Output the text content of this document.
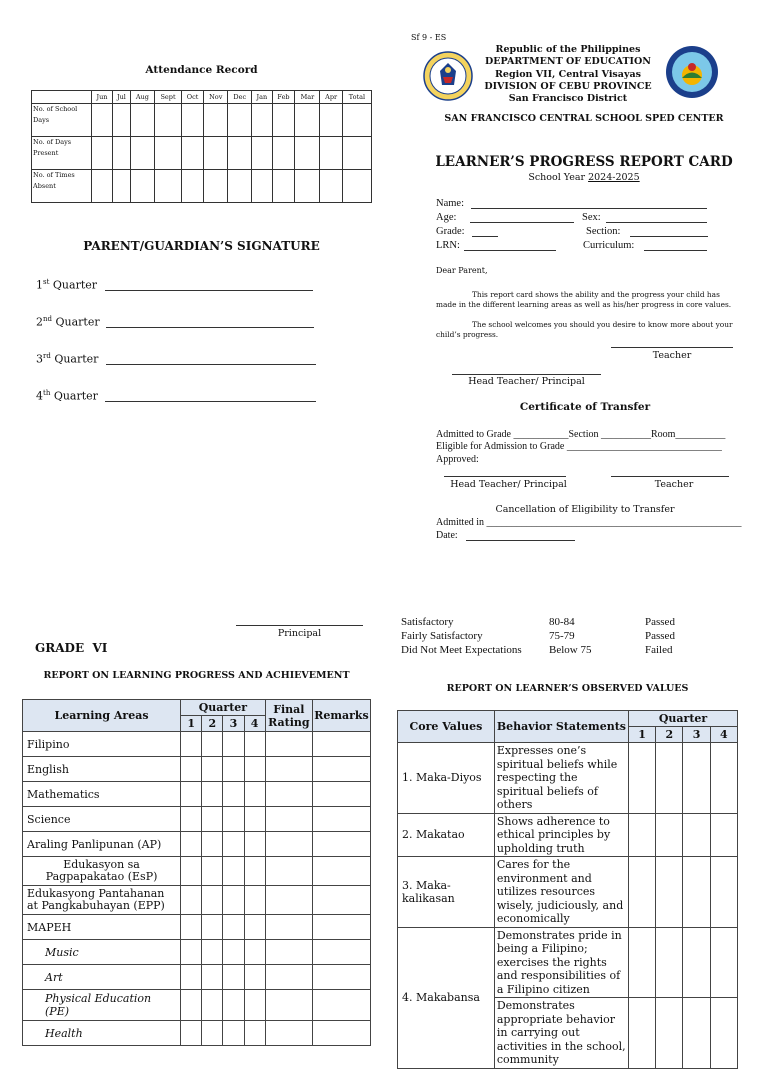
Attendance Record
	Jun	Jul	Aug	Sept	Oct	Nov	Dec	Jan	Feb	Mar	Apr	Total
No. of School Days												
No. of Days Present												
No. of Times Absent												
PARENT/GUARDIAN’S SIGNATURE
1st Quarter
2nd Quarter
3rd Quarter
4th Quarter
Sf 9 - ES
Republic of the Philippines
DEPARTMENT OF EDUCATION
Region VII, Central Visayas
DIVISION OF CEBU PROVINCE
San Francisco District
SAN FRANCISCO CENTRAL SCHOOL SPED CENTER
LEARNER’S PROGRESS REPORT CARD
School Year 2024-2025
Name:
Age:	Sex:
Grade:	Section:
LRN:	Curriculum:
Dear Parent,
This report card shows the ability and the progress your child has made in the different learning areas as well as his/her progress in core values.
The school welcomes you should you desire to know more about your child’s progress.
Teacher
Head Teacher/ Principal
Certificate of Transfer
Admitted to Grade ___________Section __________Room__________
Eligible for Admission to Grade _______________________________
Approved:
Head Teacher/ Principal	Teacher
Cancellation of Eligibility to Transfer
Admitted in ___________________________________________________
Date:
Principal
Satisfactory	80-84	Passed
Fairly Satisfactory	75-79	Passed
Did Not Meet Expectations Below 75	Failed
GRADE  VI
REPORT ON LEARNING PROGRESS AND ACHIEVEMENT
Learning Areas	Quarter				Final Rating	Remarks
	1	2	3	4		
Filipino						
English						
Mathematics						
Science						
Araling Panlipunan (AP)						
Edukasyon sa Pagpapakatao (EsP)						
Edukasyong Pantahanan at Pangkabuhayan (EPP)						
MAPEH						
Music						
Art						
Physical Education (PE)						
Health						
REPORT ON LEARNER’S OBSERVED VALUES
Core Values	Behavior Statements	Quarter			
		1	2	3	4
1. Maka-Diyos	Expresses one’s spiritual beliefs while respecting the spiritual beliefs of others				
2. Makatao	Shows adherence to ethical principles by upholding truth				
3. Maka-kalikasan	Cares for the environment and utilizes resources wisely, judiciously, and economically				
4. Makabansa	Demonstrates pride in being a Filipino; exercises the rights and responsibilities of a Filipino citizen				
	Demonstrates appropriate behavior in carrying out activities in the school, community				
